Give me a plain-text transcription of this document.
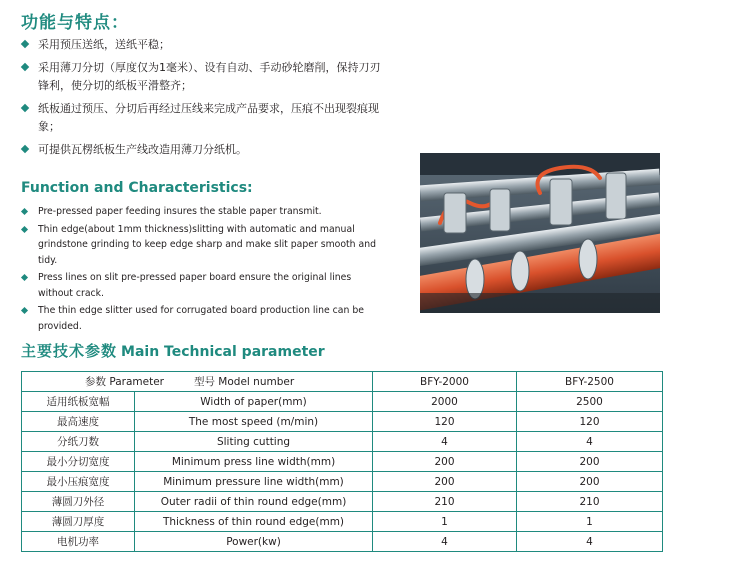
功能与特点：
采用预压送纸，送纸平稳；
采用薄刀分切（厚度仅为1毫米）、设有自动、手动砂轮磨削，保持刀刃锋利，使分切的纸板平滑整齐；
纸板通过预压、分切后再经过压线来完成产品要求，压痕不出现裂痕现象；
可提供瓦楞纸板生产线改造用薄刀分纸机。
Function and Characteristics:
Pre-pressed paper feeding insures the stable paper transmit.
Thin edge(about 1mm thickness)slitting with automatic and manual grindstone grinding to keep edge sharp and make slit paper smooth and tidy.
Press lines on slit pre-pressed paper board ensure the original lines without crack.
The thin edge slitter used for corrugated board production line can be provided.
主要技术参数 Main Technical parameter
参数 Parameter 型号 Model number		BFY-2000	BFY-2500
适用纸板宽幅	Width of paper(mm)	2000	2500
最高速度	The most speed (m/min)	120	120
分纸刀数	Sliting cutting	4	4
最小分切宽度	Minimum press line width(mm)	200	200
最小压痕宽度	Minimum pressure line width(mm)	200	200
薄圆刀外径	Outer radii of thin round edge(mm)	210	210
薄圆刀厚度	Thickness of thin round edge(mm)	1	1
电机功率	Power(kw)	4	4
